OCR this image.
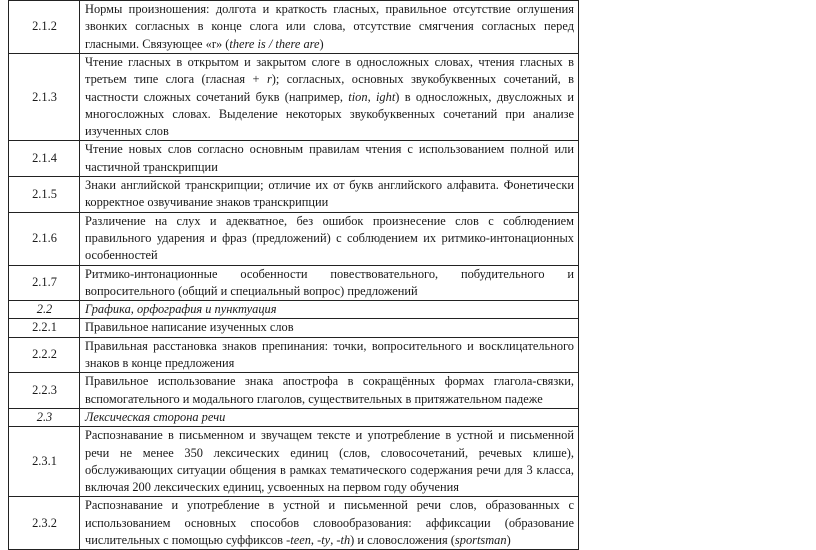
2.1.2	Нормы произношения: долгота и краткость гласных, правильное отсутствие оглушения звонких согласных в конце слога или слова, отсутствие смягчения согласных перед гласными. Связующее «r» (there is / there are)
2.1.3	Чтение гласных в открытом и закрытом слоге в односложных словах, чтения гласных в третьем типе слога (гласная + r); согласных, основных звукобуквенных сочетаний, в частности сложных сочетаний букв (например, tion, ight) в односложных, двусложных и многосложных словах. Выделение некоторых звукобуквенных сочетаний при анализе изученных слов
2.1.4	Чтение новых слов согласно основным правилам чтения с использованием полной или частичной транскрипции
2.1.5	Знаки английской транскрипции; отличие их от букв английского алфавита. Фонетически корректное озвучивание знаков транскрипции
2.1.6	Различение на слух и адекватное, без ошибок произнесение слов с соблюдением правильного ударения и фраз (предложений) с соблюдением их ритмико-интонационных особенностей
2.1.7	Ритмико-интонационные особенности повествовательного, побудительного и вопросительного (общий и специальный вопрос) предложений
2.2	Графика, орфография и пунктуация
2.2.1	Правильное написание изученных слов
2.2.2	Правильная расстановка знаков препинания: точки, вопросительного и восклицательного знаков в конце предложения
2.2.3	Правильное использование знака апострофа в сокращённых формах глагола-связки, вспомогательного и модального глаголов, существительных в притяжательном падеже
2.3	Лексическая сторона речи
2.3.1	Распознавание в письменном и звучащем тексте и употребление в устной и письменной речи не менее 350 лексических единиц (слов, словосочетаний, речевых клише), обслуживающих ситуации общения в рамках тематического содержания речи для 3 класса, включая 200 лексических единиц, усвоенных на первом году обучения
2.3.2	Распознавание и употребление в устной и письменной речи слов, образованных с использованием основных способов словообразования: аффиксации (образование числительных с помощью суффиксов -teen, -ty, -th) и словосложения (sportsman)
